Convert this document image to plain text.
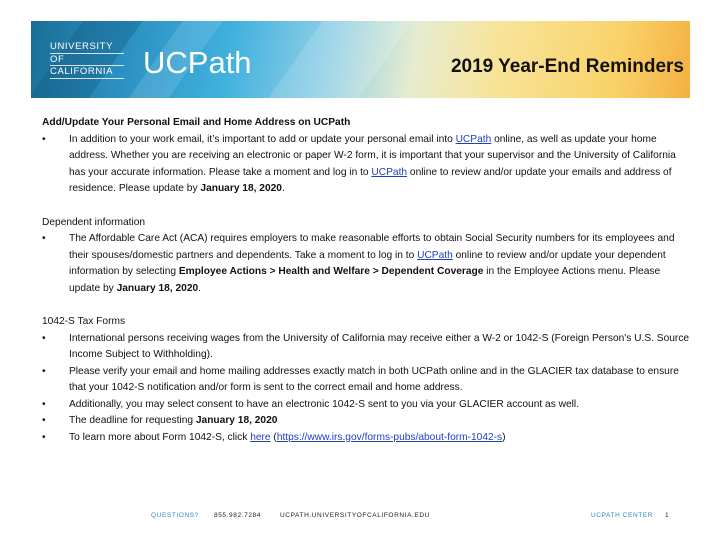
UNIVERSITY
OF
CALIFORNIA UCPath	2019 Year-End Reminders
Add/Update Your Personal Email and Home Address on UCPath
•	In addition to your work email, it’s important to add or update your personal email into UCPath online, as well as update your home address. Whether you are receiving an electronic or paper W-2 form, it is important that your supervisor and the University of California has your accurate information. Please take a moment and log in to UCPath online to review and/or update your emails and address of residence. Please update by January 18, 2020.
Dependent information
•	The Affordable Care Act (ACA) requires employers to make reasonable efforts to obtain Social Security numbers for its employees and their spouses/domestic partners and dependents. Take a moment to log in to UCPath online to review and/or update your dependent information by selecting Employee Actions > Health and Welfare > Dependent Coverage in the Employee Actions menu. Please update by January 18, 2020.
1042-S Tax Forms
•	International persons receiving wages from the University of California may receive either a W-2 or 1042-S (Foreign Person's U.S. Source Income Subject to Withholding).
•	Please verify your email and home mailing addresses exactly match in both UCPath online and in the GLACIER tax database to ensure that your 1042-S notification and/or form is sent to the correct email and home address.
•	Additionally, you may select consent to have an electronic 1042-S sent to you via your GLACIER account as well.
•	The deadline for requesting January 18, 2020
•	To learn more about Form 1042-S, click here (https://www.irs.gov/forms-pubs/about-form-1042-s)
QUESTIONS? 855.982.7284	UCPATH.UNIVERSITYOFCALIFORNIA.EDU	UCPATH CENTER 1
